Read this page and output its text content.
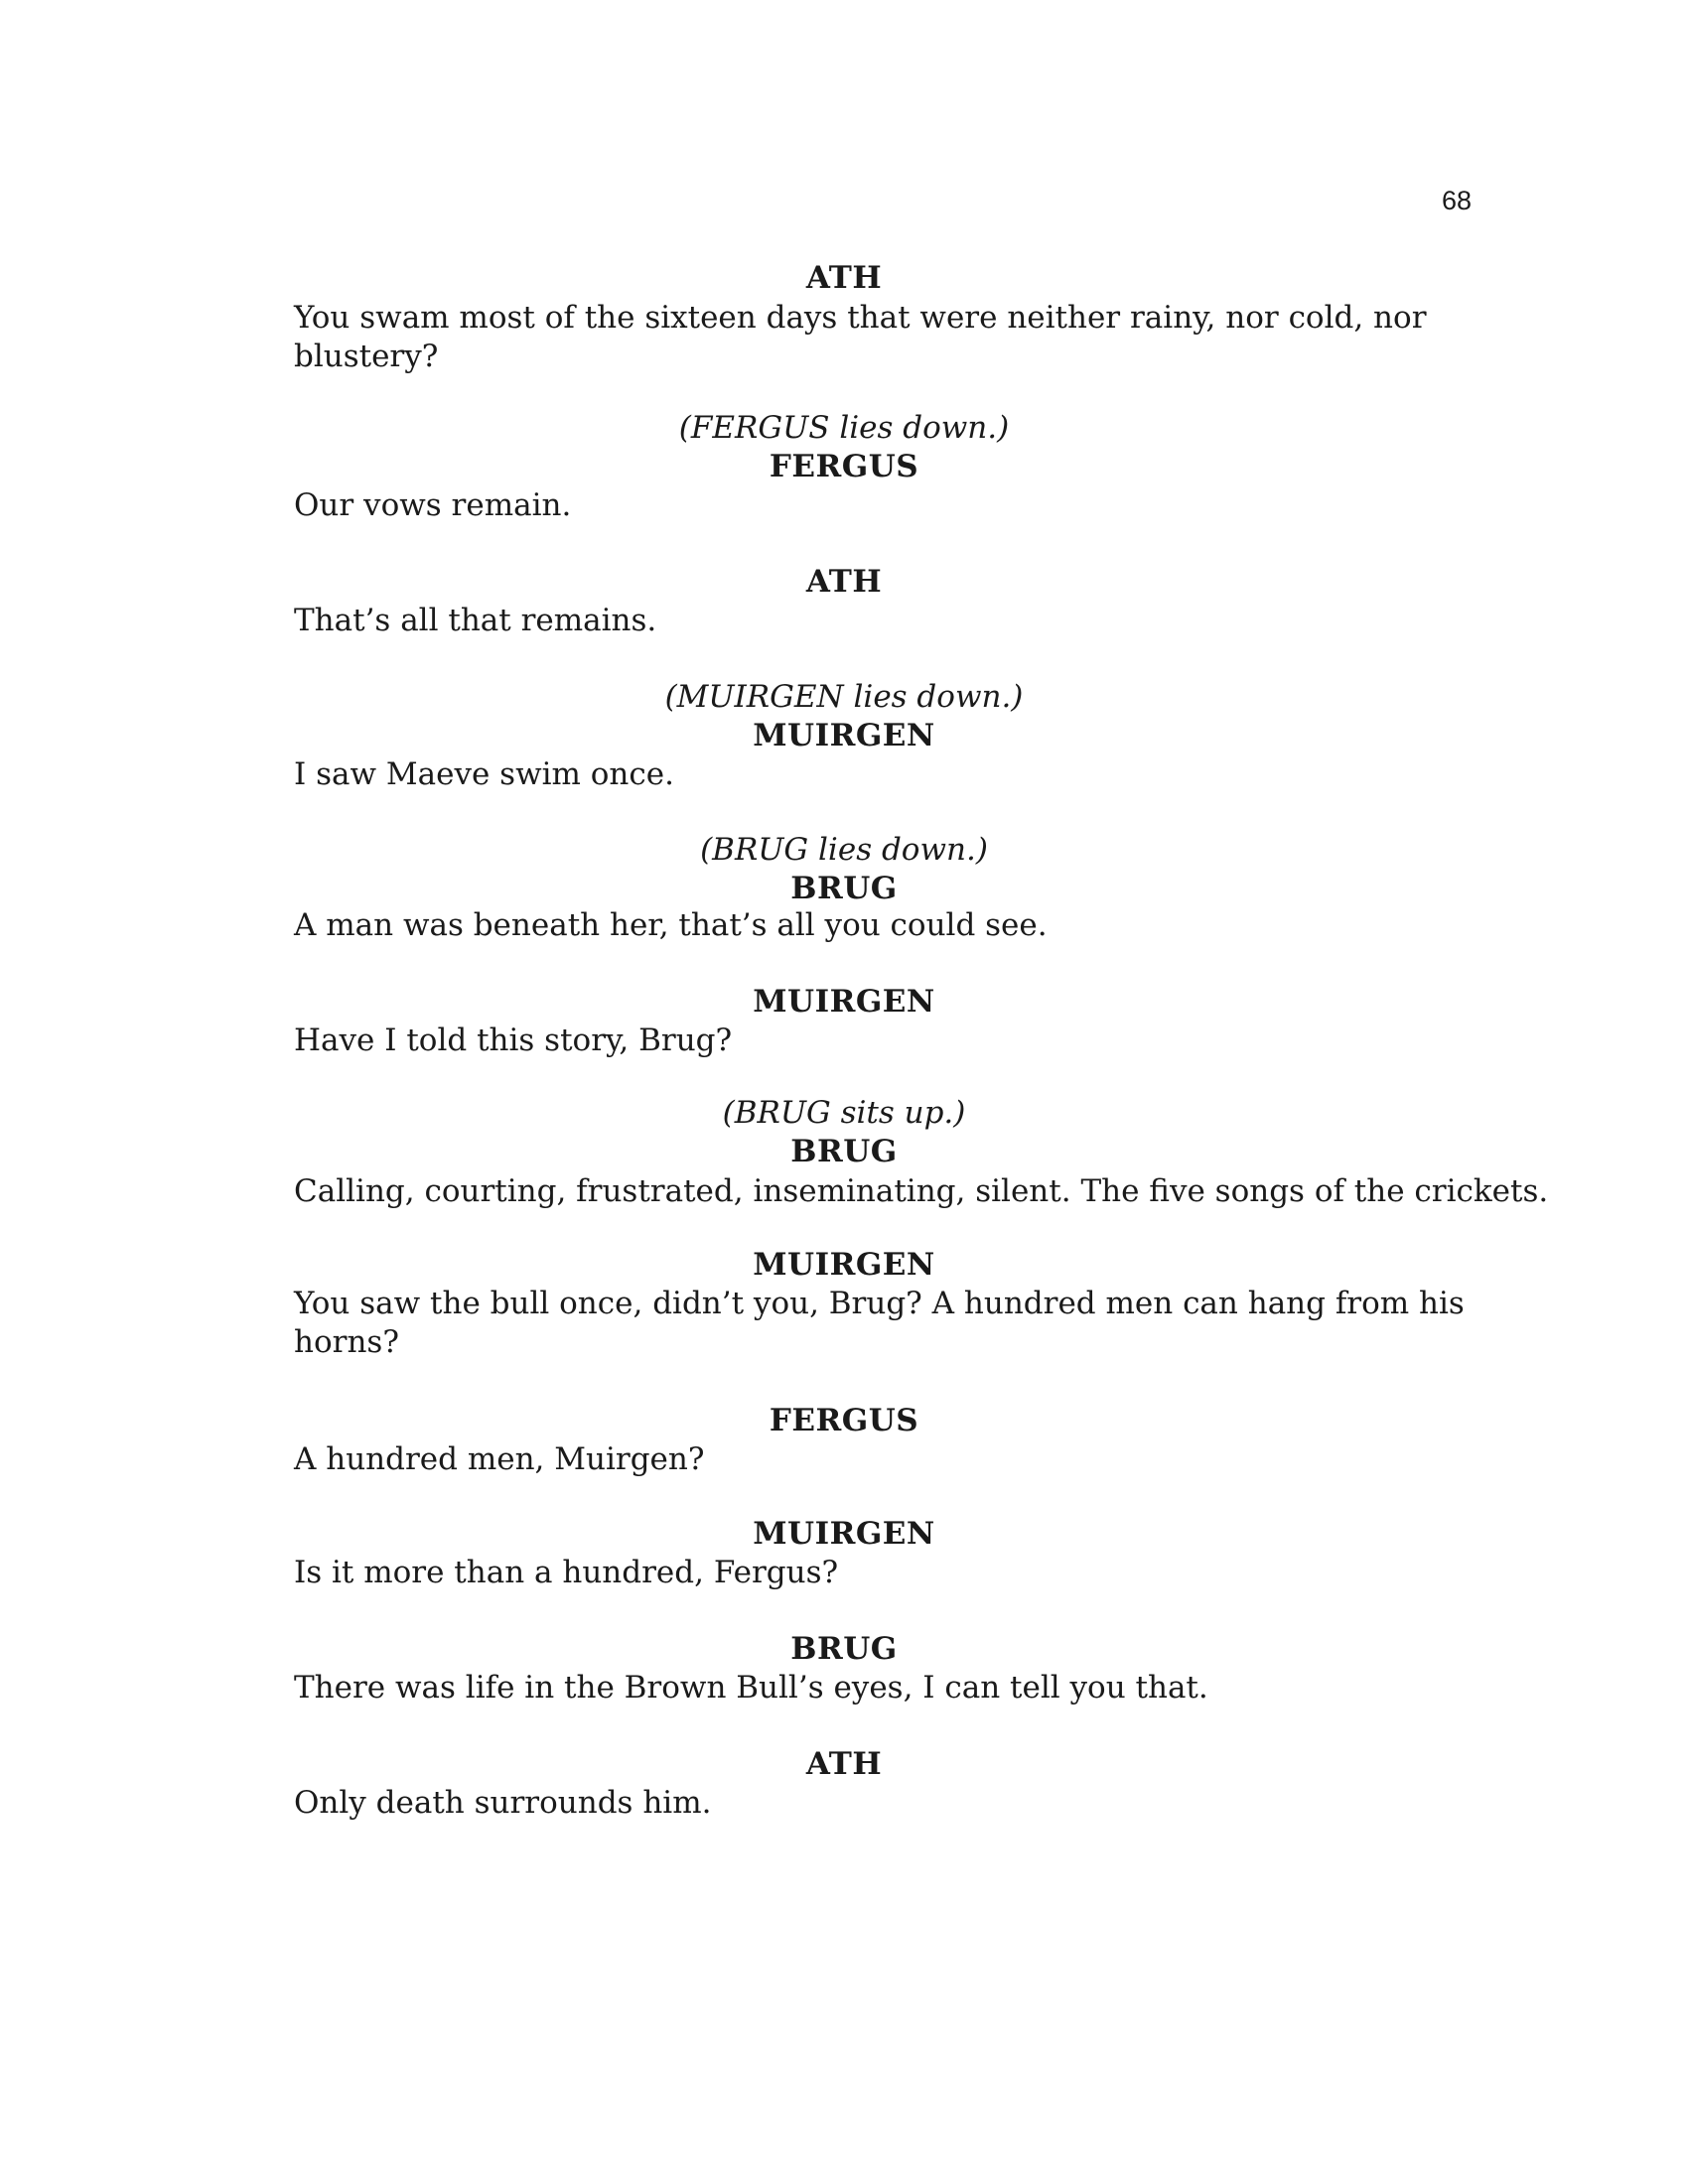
68
ATH
You swam most of the sixteen days that were neither rainy, nor cold, nor
blustery?
(FERGUS lies down.)
FERGUS
Our vows remain.
ATH
That’s all that remains.
(MUIRGEN lies down.)
MUIRGEN
I saw Maeve swim once.
(BRUG lies down.)
BRUG
A man was beneath her, that’s all you could see.
MUIRGEN
Have I told this story, Brug?
(BRUG sits up.)
BRUG
Calling, courting, frustrated, inseminating, silent. The five songs of the crickets.
MUIRGEN
You saw the bull once, didn’t you, Brug? A hundred men can hang from his
horns?
FERGUS
A hundred men, Muirgen?
MUIRGEN
Is it more than a hundred, Fergus?
BRUG
There was life in the Brown Bull’s eyes, I can tell you that.
ATH
Only death surrounds him.
